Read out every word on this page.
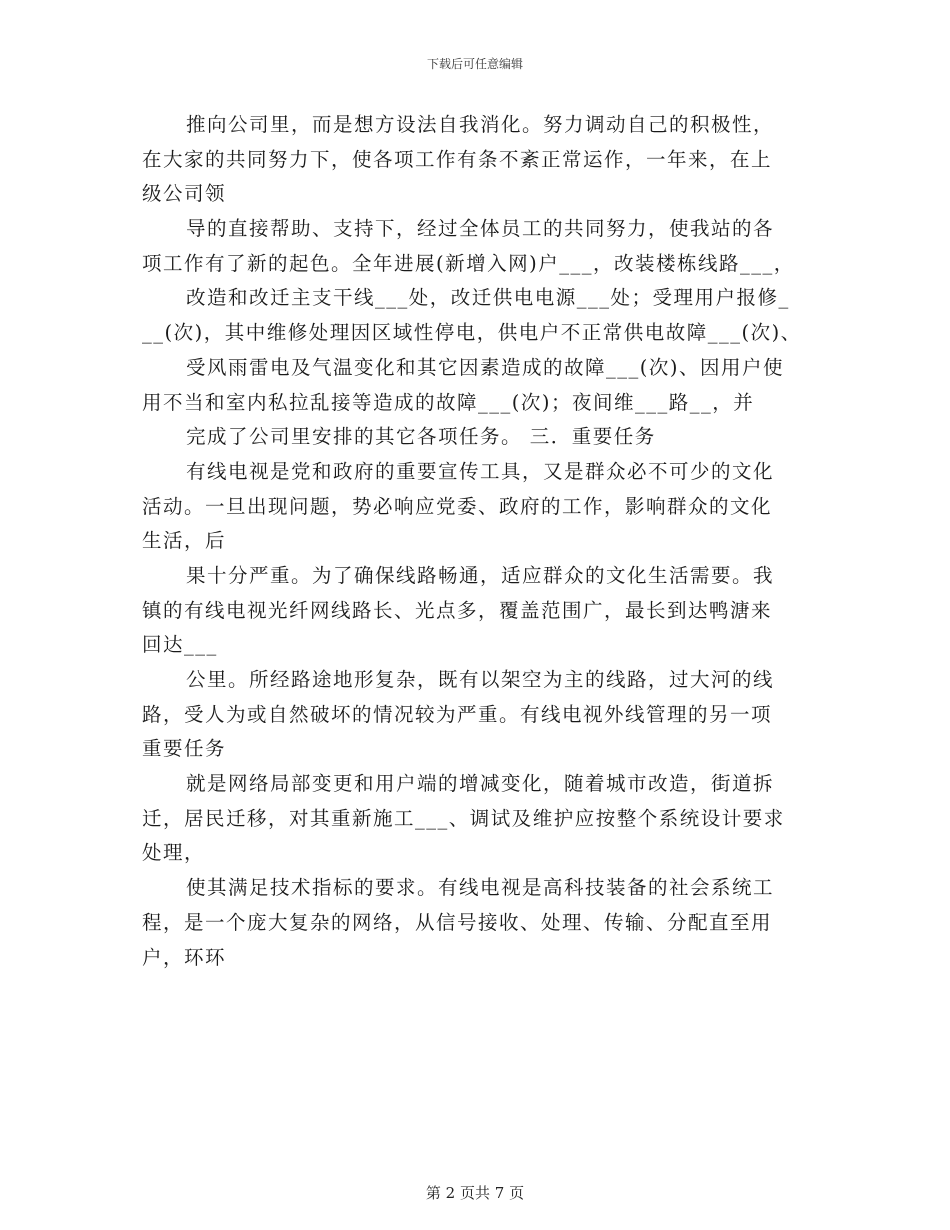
下载后可任意编辑
推向公司里，而是想方设法自我消化。努力调动自己的积极性，
在大家的共同努力下，使各项工作有条不紊正常运作，一年来，在上
级公司领
导的直接帮助、支持下，经过全体员工的共同努力，使我站的各
项工作有了新的起色。全年进展(新增入网)户___，改装楼栋线路___，
改造和改迁主支干线___处，改迁供电电源___处；受理用户报修_
__(次)，其中维修处理因区域性停电，供电户不正常供电故障___(次)、
受风雨雷电及气温变化和其它因素造成的故障___(次)、因用户使
用不当和室内私拉乱接等造成的故障___(次)；夜间维___路__，并
完成了公司里安排的其它各项任务。 三．重要任务
有线电视是党和政府的重要宣传工具，又是群众必不可少的文化
活动。一旦出现问题，势必响应党委、政府的工作，影响群众的文化
生活，后
果十分严重。为了确保线路畅通，适应群众的文化生活需要。我
镇的有线电视光纤网线路长、光点多，覆盖范围广，最长到达鸭溏来
回达___
公里。所经路途地形复杂，既有以架空为主的线路，过大河的线
路，受人为或自然破坏的情况较为严重。有线电视外线管理的另一项
重要任务
就是网络局部变更和用户端的增减变化，随着城市改造，街道拆
迁，居民迁移，对其重新施工___、调试及维护应按整个系统设计要求
处理，
使其满足技术指标的要求。有线电视是高科技装备的社会系统工
程，是一个庞大复杂的网络，从信号接收、处理、传输、分配直至用
户，环环
第 2 页共 7 页
